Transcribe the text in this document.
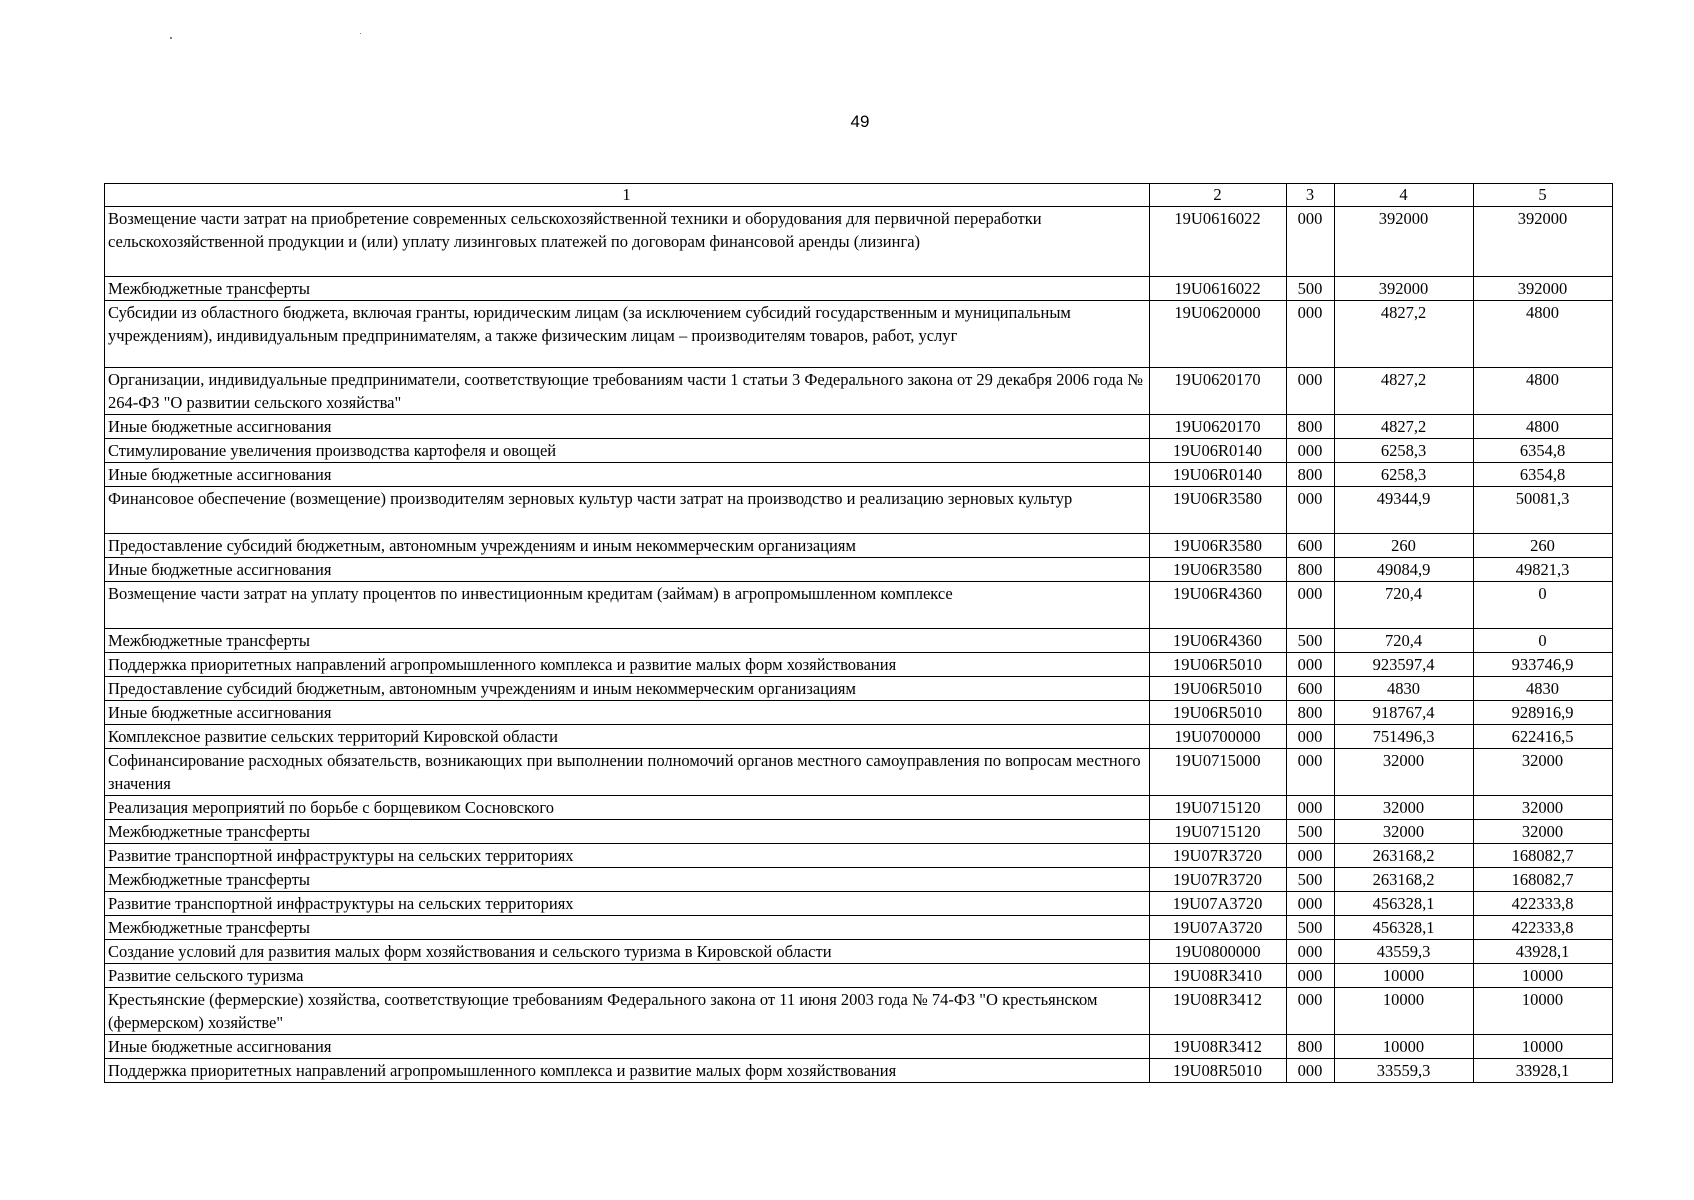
49
1	2	3	4	5
Возмещение части затрат на приобретение современных сельскохозяйственной техники и оборудования для первичной переработки сельскохозяйственной продукции и (или) уплату лизинговых платежей по договорам финансовой аренды (лизинга)	19U0616022	000	392000	392000
Межбюджетные трансферты	19U0616022	500	392000	392000
Субсидии из областного бюджета, включая гранты, юридическим лицам (за исключением субсидий государственным и муниципальным учреждениям), индивидуальным предпринимателям, а также физическим лицам – производителям товаров, работ, услуг	19U0620000	000	4827,2	4800
Организации, индивидуальные предприниматели, соответствующие требованиям части 1 статьи 3 Федерального закона от 29 декабря 2006 года № 264-ФЗ "О развитии сельского хозяйства"	19U0620170	000	4827,2	4800
Иные бюджетные ассигнования	19U0620170	800	4827,2	4800
Стимулирование увеличения производства картофеля и овощей	19U06R0140	000	6258,3	6354,8
Иные бюджетные ассигнования	19U06R0140	800	6258,3	6354,8
Финансовое обеспечение (возмещение) производителям зерновых культур части затрат на производство и реализацию зерновых культур	19U06R3580	000	49344,9	50081,3
Предоставление субсидий бюджетным, автономным учреждениям и иным некоммерческим организациям	19U06R3580	600	260	260
Иные бюджетные ассигнования	19U06R3580	800	49084,9	49821,3
Возмещение части затрат на уплату процентов по инвестиционным кредитам (займам) в агропромышленном комплексе	19U06R4360	000	720,4	0
Межбюджетные трансферты	19U06R4360	500	720,4	0
Поддержка приоритетных направлений агропромышленного комплекса и развитие малых форм хозяйствования	19U06R5010	000	923597,4	933746,9
Предоставление субсидий бюджетным, автономным учреждениям и иным некоммерческим организациям	19U06R5010	600	4830	4830
Иные бюджетные ассигнования	19U06R5010	800	918767,4	928916,9
Комплексное развитие сельских территорий Кировской области	19U0700000	000	751496,3	622416,5
Софинансирование расходных обязательств, возникающих при выполнении полномочий органов местного самоуправления по вопросам местного значения	19U0715000	000	32000	32000
Реализация мероприятий по борьбе с борщевиком Сосновского	19U0715120	000	32000	32000
Межбюджетные трансферты	19U0715120	500	32000	32000
Развитие транспортной инфраструктуры на сельских территориях	19U07R3720	000	263168,2	168082,7
Межбюджетные трансферты	19U07R3720	500	263168,2	168082,7
Развитие транспортной инфраструктуры на сельских территориях	19U07A3720	000	456328,1	422333,8
Межбюджетные трансферты	19U07A3720	500	456328,1	422333,8
Создание условий для развития малых форм хозяйствования и сельского туризма в Кировской области	19U0800000	000	43559,3	43928,1
Развитие сельского туризма	19U08R3410	000	10000	10000
Крестьянские (фермерские) хозяйства, соответствующие требованиям Федерального закона от 11 июня 2003 года № 74-ФЗ "О крестьянском (фермерском) хозяйстве"	19U08R3412	000	10000	10000
Иные бюджетные ассигнования	19U08R3412	800	10000	10000
Поддержка приоритетных направлений агропромышленного комплекса и развитие малых форм хозяйствования	19U08R5010	000	33559,3	33928,1
